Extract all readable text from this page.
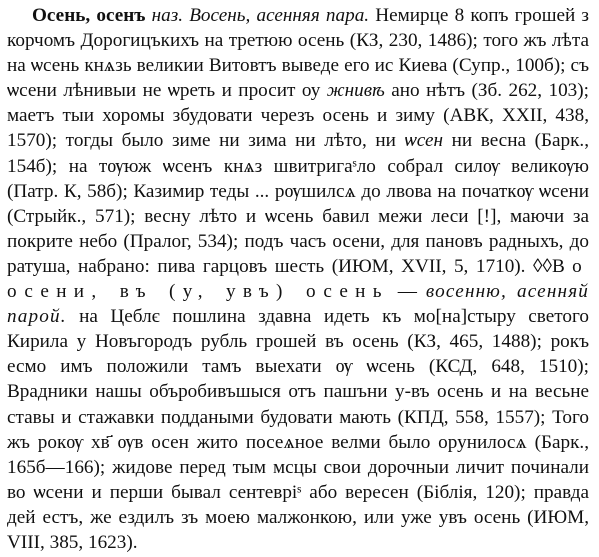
Осень, осенъ наз. Восень, асенняя пара. Немирце 8 копъ грошей з корчомъ Дорогицъкихъ на третюю осень (КЗ, 230, 1486); того жъ лѣта на ѡсень кнѧзь великии Витовтъ выведе его ис Киева (Супр., 100б); съ ѡсени лѣнивыи не ѡреть и просит оу жнивѣ ано нѣтъ (Зб. 262, 103); маетъ тыи хоромы збудовати черезъ осень и зиму (АВК, XXII, 438, 1570); тогды было зиме ни зима ни лѣто, ни ѡсен ни весна (Барк., 154б); на тѹюж ѡсенъ кнѧз швитригаˢло собрал силѹ великѹю (Патр. К, 58б); Казимир теды ... рѹшилсѧ до лвова на початкѹ ѡсени (Стрыйк., 571); весну лѣто и ѡсень бавил межи леси [!], маючи за покрите небо (Пралог, 534); подъ часъ осени, для пановъ радныхъ, до ратуша, набрано: пива гарцовъ шесть (ИЮМ, XVII, 5, 1710). ◊◊Во осени, въ (у, увъ) осень — восенню, асенняй парой. на Цеблє пошлина здавна идеть къ мо[на]стыру светого Кирила у Новъгородъ рубль грошей въ осень (КЗ, 465, 1488); рокъ есмо имъ положили тамъ выехати ѹ ѡсень (КСД, 648, 1510); Врадники нашы объробивъшыся отъ пашъни у-въ осень и на весьне ставы и стажавки поддаными будовати мають (КПД, 558, 1557); Того жъ рокѹ хв҃ ѹв осен жито посеѧное велми было орунилосѧ (Барк., 165б—166); жидове перед тым мсцы свои дорочныи личит починали во ѡсени и перши бывал сентеврiˢ або вересен (Біблія, 120); правда дей естъ, же ездилъ зъ моею малжонкою, или уже увъ осень (ИЮМ, VIII, 385, 1623).
